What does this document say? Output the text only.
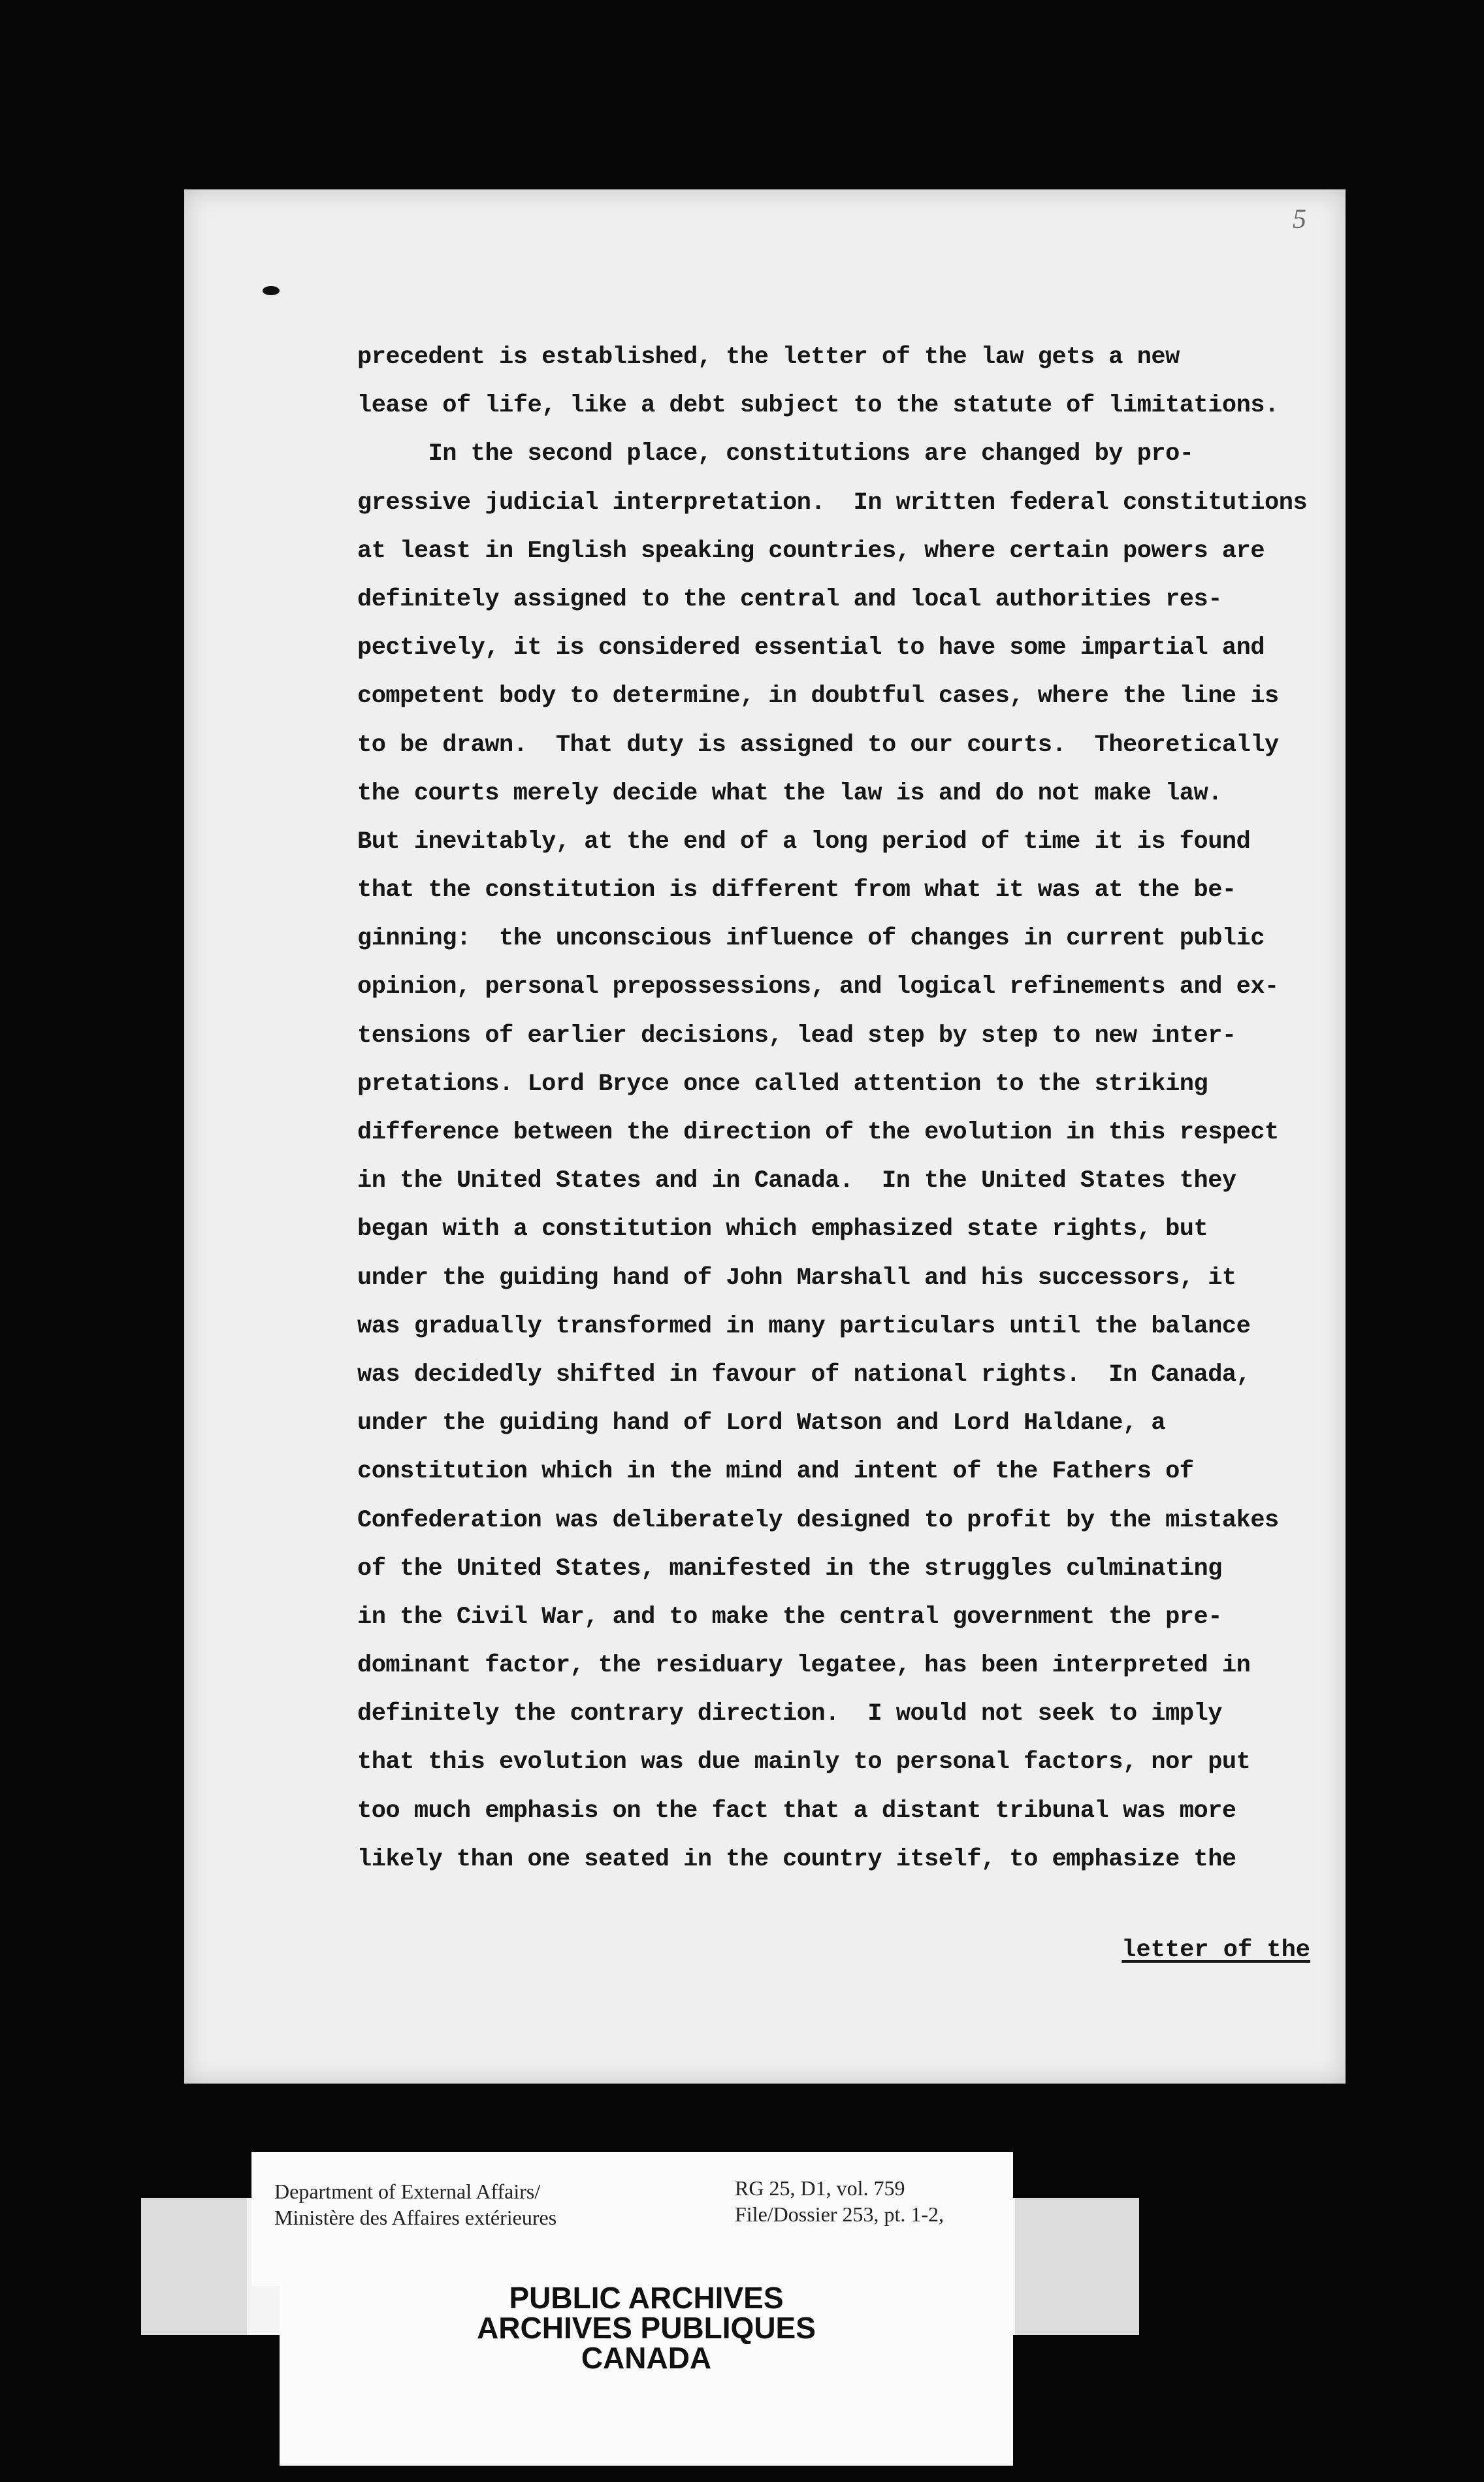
5
precedent is established, the letter of the law gets a new
lease of life, like a debt subject to the statute of limitations.
In the second place, constitutions are changed by pro-
gressive judicial interpretation.  In written federal constitutions
at least in English speaking countries, where certain powers are
definitely assigned to the central and local authorities res-
pectively, it is considered essential to have some impartial and
competent body to determine, in doubtful cases, where the line is
to be drawn.  That duty is assigned to our courts.  Theoretically
the courts merely decide what the law is and do not make law.
But inevitably, at the end of a long period of time it is found
that the constitution is different from what it was at the be-
ginning:  the unconscious influence of changes in current public
opinion, personal prepossessions, and logical refinements and ex-
tensions of earlier decisions, lead step by step to new inter-
pretations. Lord Bryce once called attention to the striking
difference between the direction of the evolution in this respect
in the United States and in Canada.  In the United States they
began with a constitution which emphasized state rights, but
under the guiding hand of John Marshall and his successors, it
was gradually transformed in many particulars until the balance
was decidedly shifted in favour of national rights.  In Canada,
under the guiding hand of Lord Watson and Lord Haldane, a
constitution which in the mind and intent of the Fathers of
Confederation was deliberately designed to profit by the mistakes
of the United States, manifested in the struggles culminating
in the Civil War, and to make the central government the pre-
dominant factor, the residuary legatee, has been interpreted in
definitely the contrary direction.  I would not seek to imply
that this evolution was due mainly to personal factors, nor put
too much emphasis on the fact that a distant tribunal was more
likely than one seated in the country itself, to emphasize the
letter of the
Department of External Affairs/
Ministère des Affaires extérieures
RG 25, D1, vol. 759
File/Dossier 253, pt. 1-2,
PUBLIC ARCHIVES
ARCHIVES PUBLIQUES
CANADA
